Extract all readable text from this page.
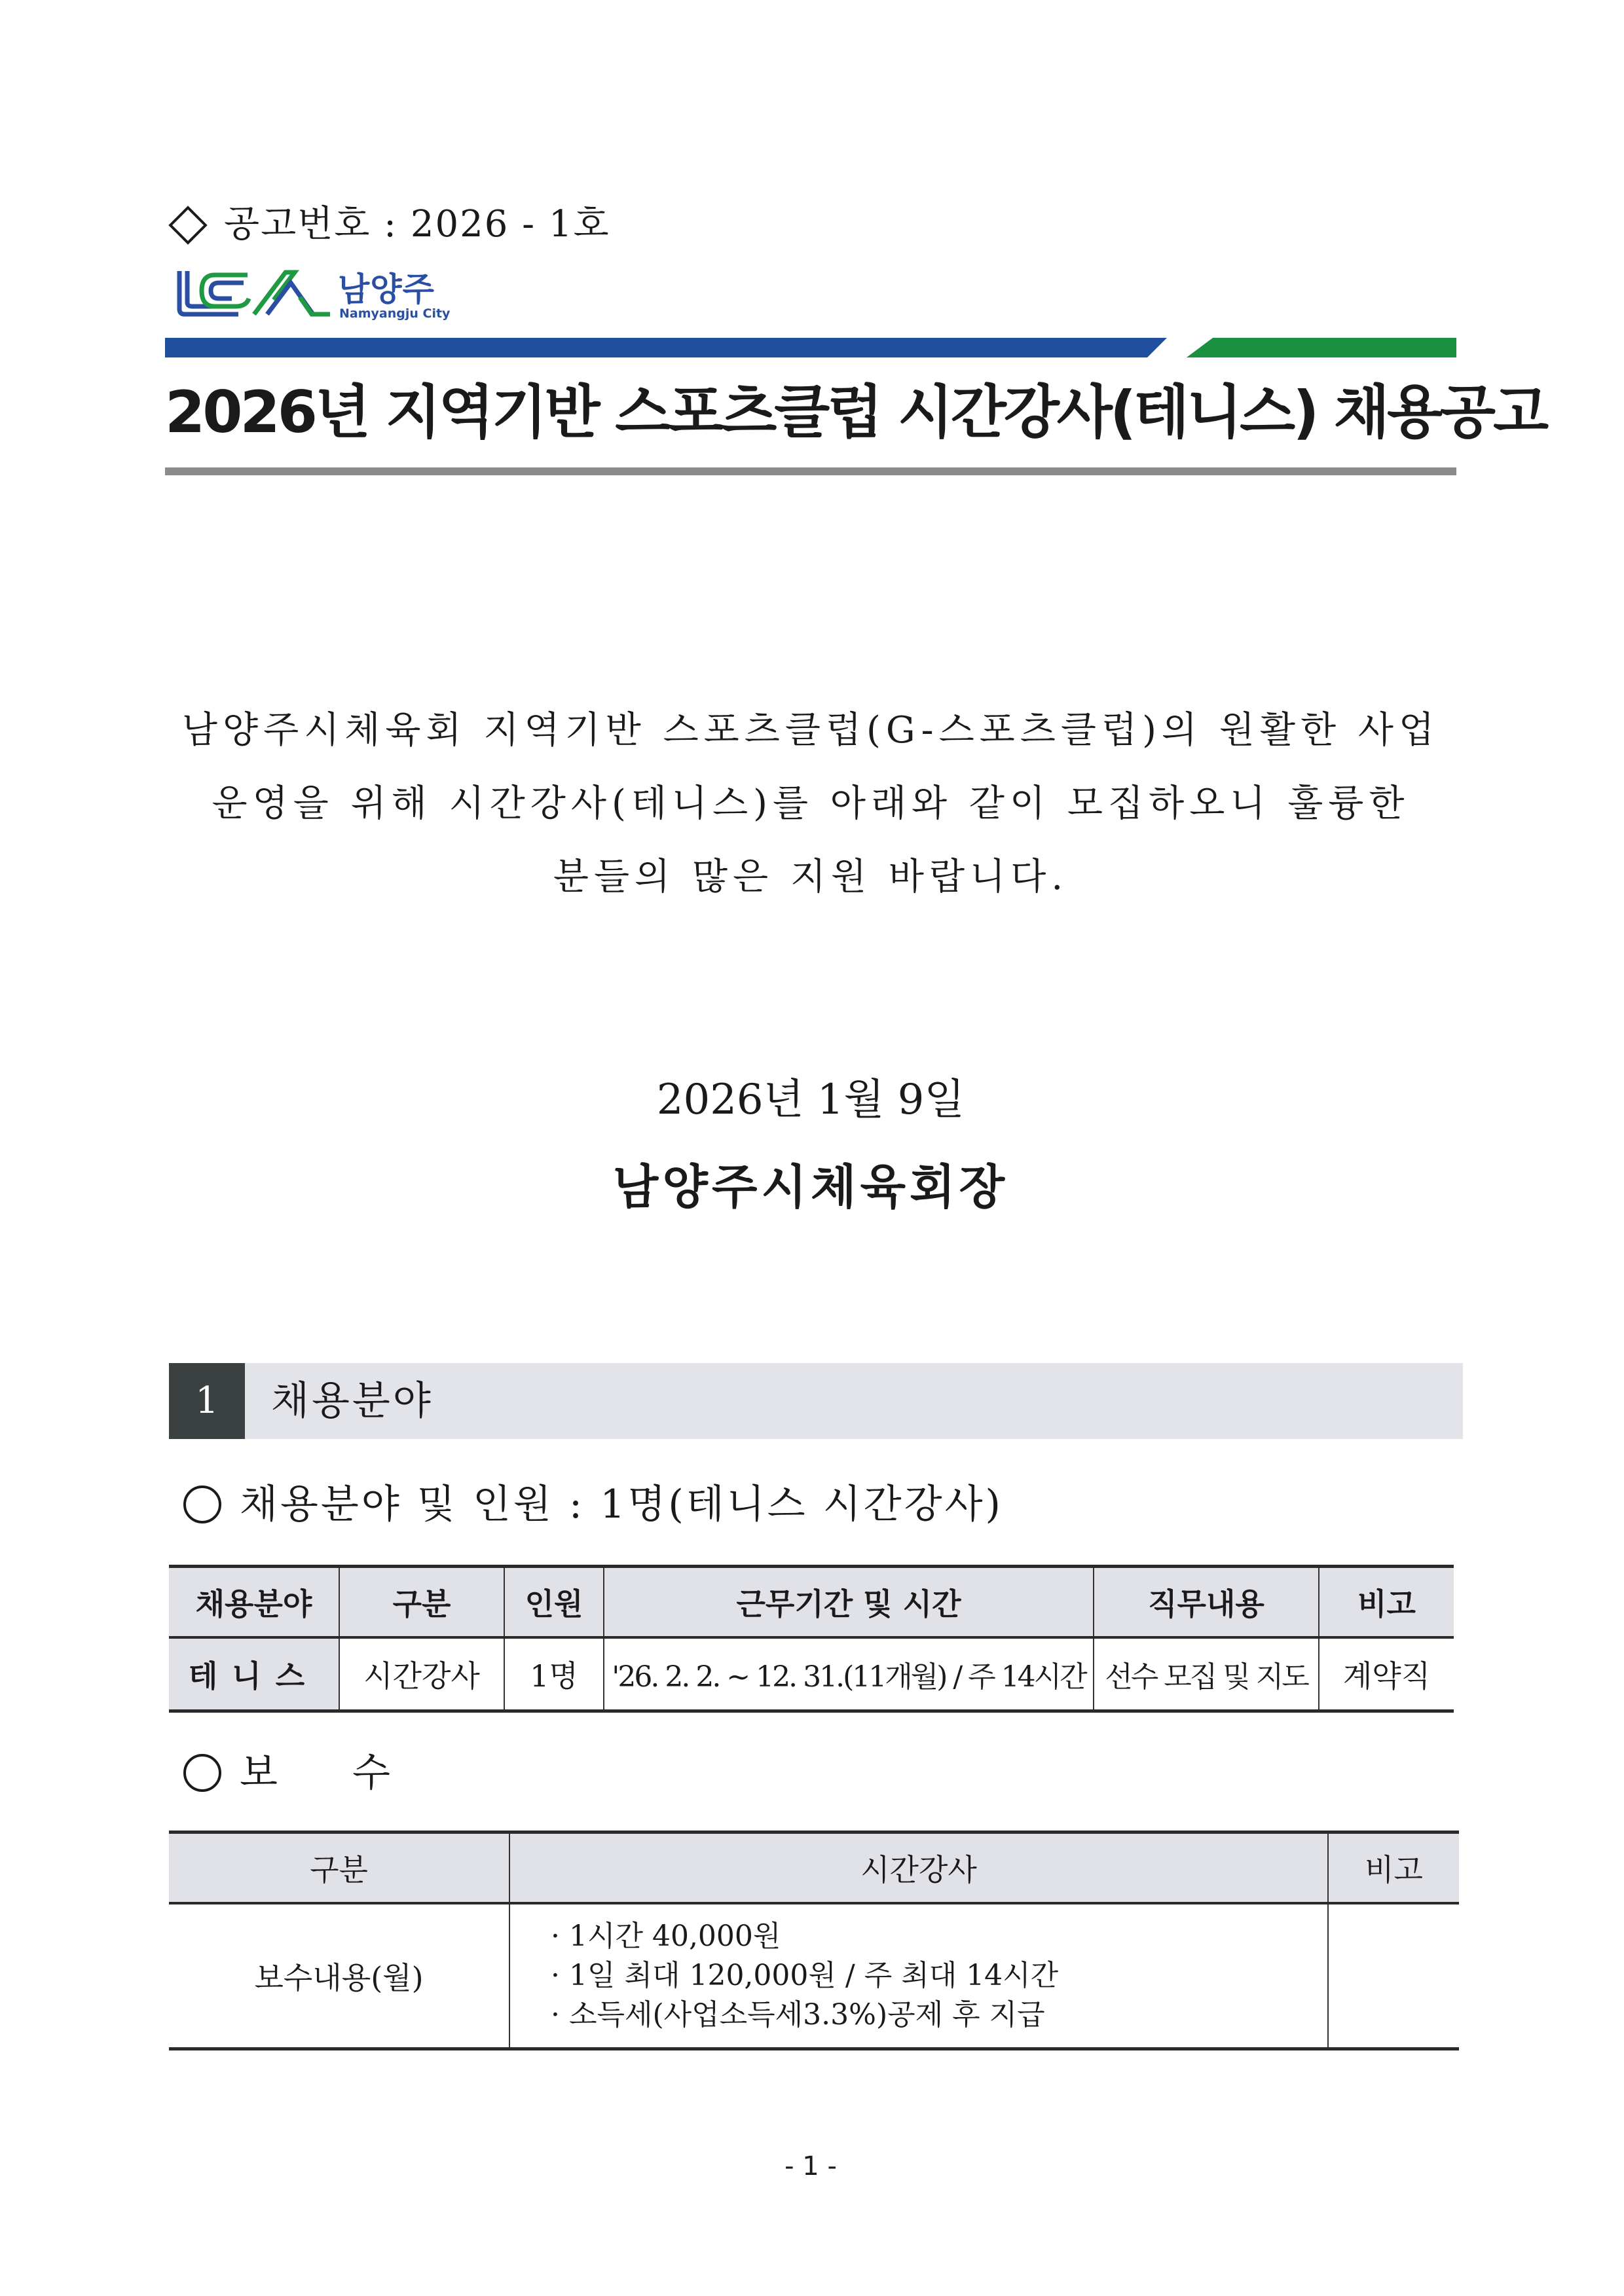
공고번호 : 2026 - 1호
남양주
Namyangju City
2026년 지역기반 스포츠클럽 시간강사(테니스) 채용공고
남양주시체육회 지역기반 스포츠클럽(G-스포츠클럽)의 원활한 사업
운영을 위해 시간강사(테니스)를 아래와 같이 모집하오니 훌륭한
분들의 많은 지원 바랍니다.
2026년 1월 9일
남양주시체육회장
1	채용분야
채용분야 및 인원 : 1명(테니스 시간강사)
채용분야	구분	인원	근무기간 및 시간	직무내용	비고
테니스	시간강사	1명	'26. 2. 2. ~ 12. 31.(11개월) / 주 14시간	선수 모집 및 지도	계약직
보 수
구분	시간강사	비고
보수내용(월)	· 1시간 40,000원
· 1일 최대 120,000원 / 주 최대 14시간
· 소득세(사업소득세3.3%)공제 후 지급	

- 1 -
